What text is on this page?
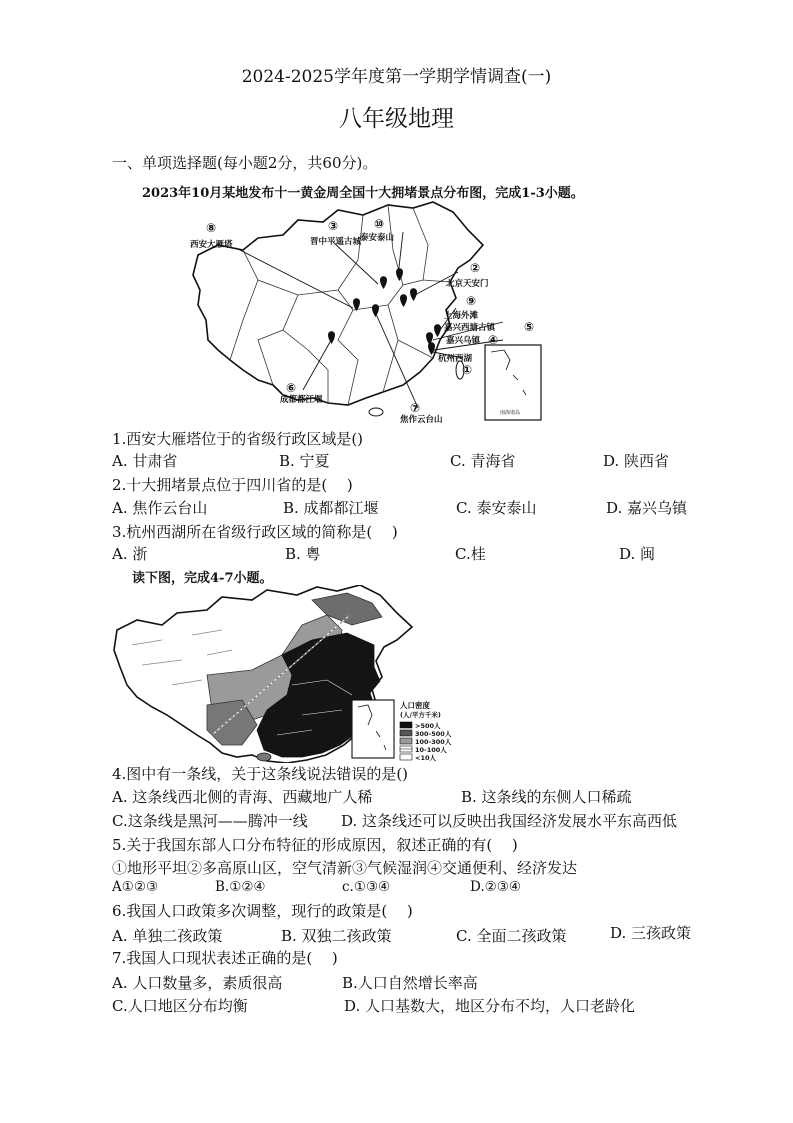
2024-2025学年度第一学期学情调查(一)
八年级地理
一、单项选择题(每小题2分，共60分)。
2023年10月某地发布十一黄金周全国十大拥堵景点分布图，完成1-3小题。
南海诸岛
⑧
西安大雁塔
③
晋中平遥古城
⑩
泰安泰山
②
北京天安门
⑨
上海外滩
嘉兴西塘古镇 ⑤
嘉兴乌镇 ④
杭州西湖
①
⑥
成都都江堰
⑦
焦作云台山
1.西安大雁塔位于的省级行政区域是()
A. 甘肃省	B. 宁夏	C. 青海省	D. 陕西省
2.十大拥堵景点位于四川省的是(　 )
A. 焦作云台山	B. 成都都江堰	C. 泰安泰山	D. 嘉兴乌镇
3.杭州西湖所在省级行政区域的简称是(　 )
A. 浙	B. 粤	C.桂	D. 闽
读下图，完成4-7小题。
人口密度
(人/平方千米)
>500人
300-500人
100-300人
10-100人
<10人
4.图中有一条线，关于这条线说法错误的是()
A. 这条线西北侧的青海、西藏地广人稀	B. 这条线的东侧人口稀疏
C.这条线是黑河——腾冲一线 D. 这条线还可以反映出我国经济发展水平东高西低
5.关于我国东部人口分布特征的形成原因，叙述正确的有(　 )
①地形平坦②多高原山区，空气清新③气候湿润④交通便利、经济发达
A①②③	B.①②④	c.①③④	D.②③④
6.我国人口政策多次调整，现行的政策是(　 )
A. 单独二孩政策	B. 双独二孩政策	C. 全面二孩政策	D. 三孩政策
7.我国人口现状表述正确的是(　 )
A. 人口数量多，素质很高	B.人口自然增长率高
C.人口地区分布均衡	D. 人口基数大，地区分布不均，人口老龄化
